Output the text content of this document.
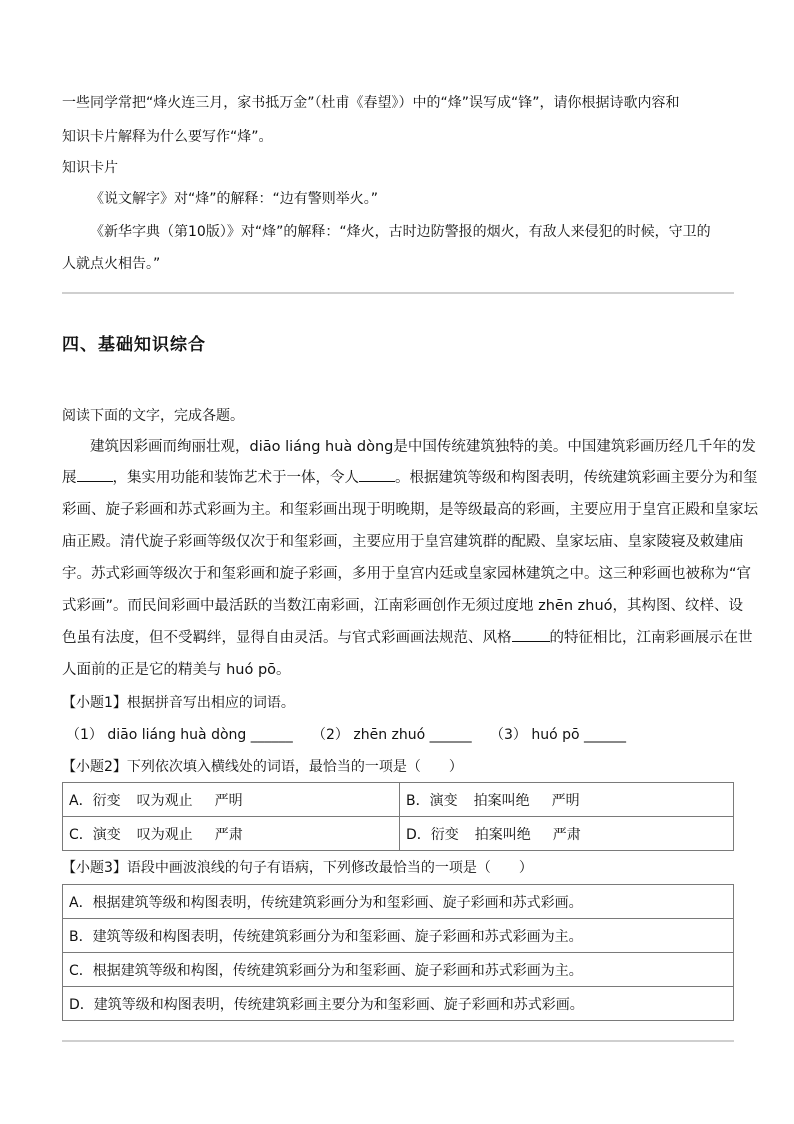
一些同学常把“烽火连三月，家书抵万金”（杜甫《春望》）中的“烽”误写成“锋”，请你根据诗歌内容和
知识卡片解释为什么要写作“烽”。
知识卡片
《说文解字》对“烽”的解释：“边有警则举火。”
《新华字典（第10版）》对“烽”的解释：“烽火，古时边防警报的烟火，有敌人来侵犯的时候，守卫的
人就点火相告。”
四、基础知识综合
阅读下面的文字，完成各题。
建筑因彩画而绚丽壮观，diāo liáng huà dòng是中国传统建筑独特的美。中国建筑彩画历经几千年的发
展 ，集实用功能和装饰艺术于一体，令人 。根据建筑等级和构图表明，传统建筑彩画主要分为和玺
彩画、旋子彩画和苏式彩画为主。和玺彩画出现于明晚期，是等级最高的彩画，主要应用于皇宫正殿和皇家坛
庙正殿。清代旋子彩画等级仅次于和玺彩画，主要应用于皇宫建筑群的配殿、皇家坛庙、皇家陵寝及敕建庙
宇。苏式彩画等级次于和玺彩画和旋子彩画，多用于皇宫内廷或皇家园林建筑之中。这三种彩画也被称为“官
式彩画”。而民间彩画中最活跃的当数江南彩画，江南彩画创作无须过度地 zhēn zhuó，其构图、纹样、设
色虽有法度，但不受羁绊，显得自由灵活。与官式彩画画法规范、风格	的特征相比，江南彩画展示在世
人面前的正是它的精美与 huó pō。
【小题1】根据拼音写出相应的词语。
（1） diāo liáng huà dòng ______ （2） zhēn zhuó ______ （3） huó pō ______
【小题2】下列依次填入横线处的词语，最恰当的一项是（　　）
A．衍变 叹为观止 严明	B．演变 拍案叫绝 严明
C．演变 叹为观止 严肃	D．衍变 拍案叫绝 严肃
【小题3】语段中画波浪线的句子有语病，下列修改最恰当的一项是（　　）
A．根据建筑等级和构图表明，传统建筑彩画分为和玺彩画、旋子彩画和苏式彩画。
B．建筑等级和构图表明，传统建筑彩画分为和玺彩画、旋子彩画和苏式彩画为主。
C．根据建筑等级和构图，传统建筑彩画分为和玺彩画、旋子彩画和苏式彩画为主。
D．建筑等级和构图表明，传统建筑彩画主要分为和玺彩画、旋子彩画和苏式彩画。
